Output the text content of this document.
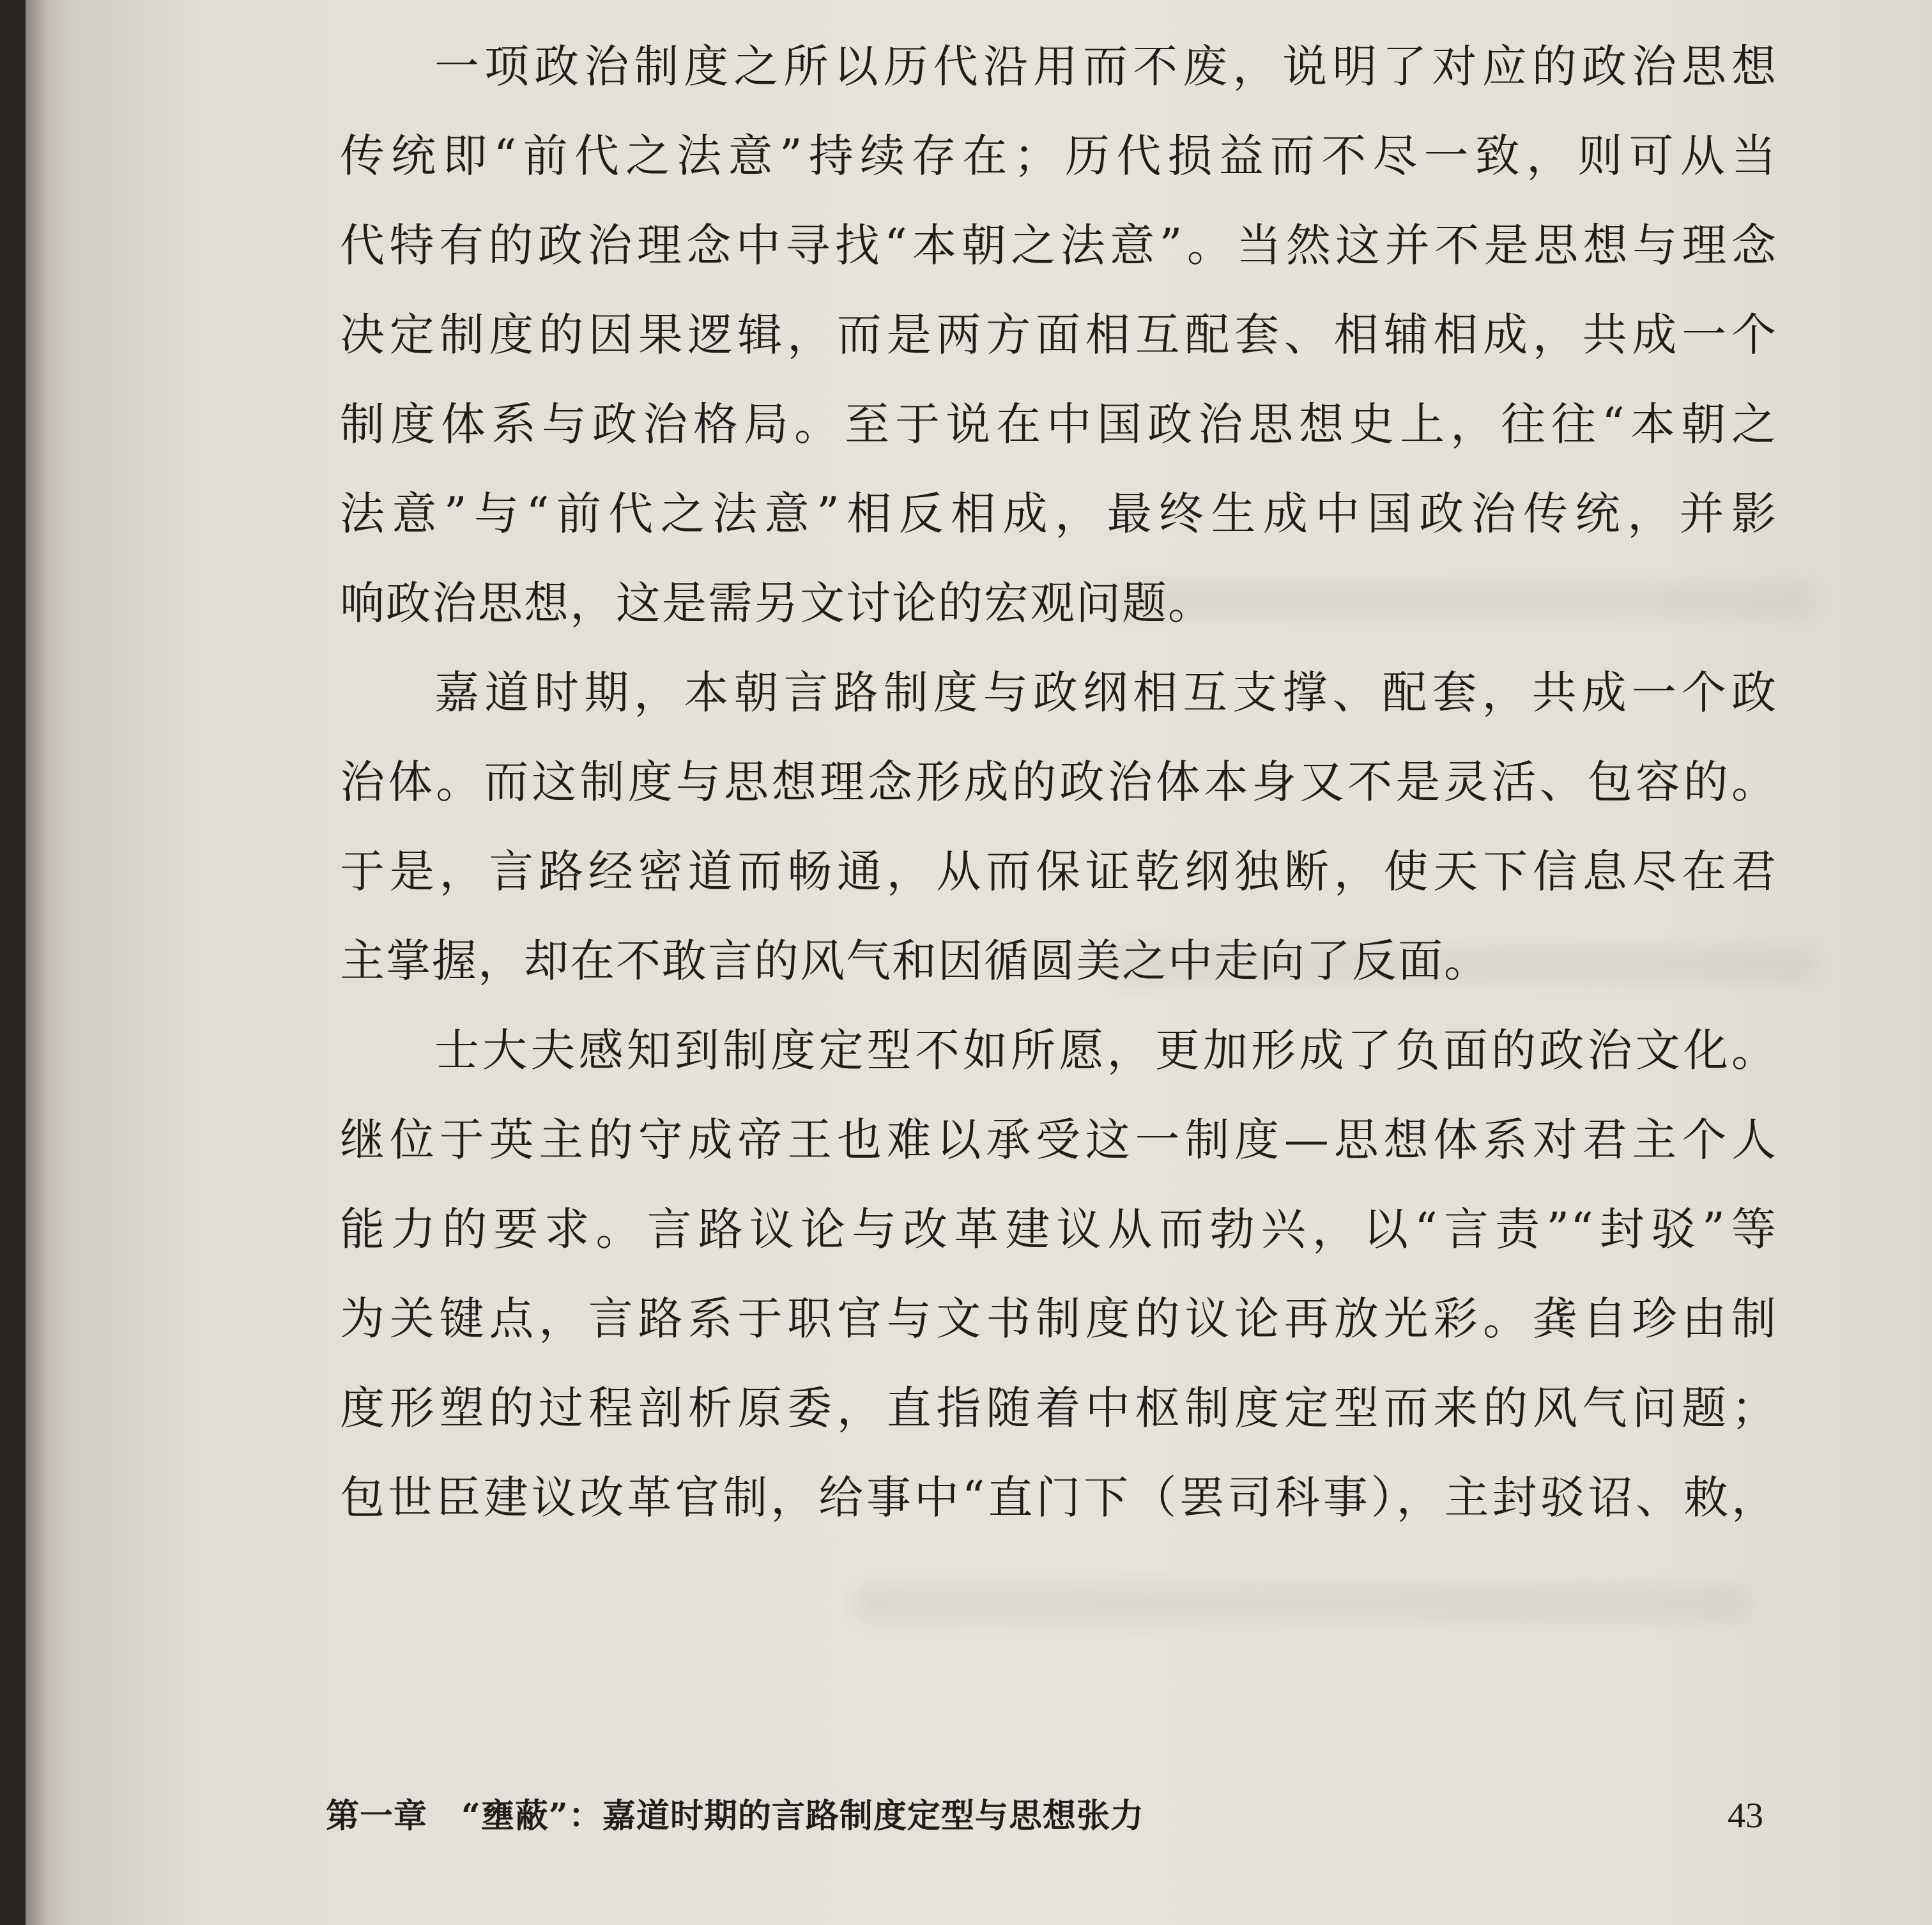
一项政治制度之所以历代沿用而不废，说明了对应的政治思想
传统即“前代之法意”持续存在；历代损益而不尽一致，则可从当
代特有的政治理念中寻找“本朝之法意”。当然这并不是思想与理念
决定制度的因果逻辑，而是两方面相互配套、相辅相成，共成一个
制度体系与政治格局。至于说在中国政治思想史上，往往“本朝之
法意”与“前代之法意”相反相成，最终生成中国政治传统，并影
响政治思想，这是需另文讨论的宏观问题。
嘉道时期，本朝言路制度与政纲相互支撑、配套，共成一个政
治体。而这制度与思想理念形成的政治体本身又不是灵活、包容的。
于是，言路经密道而畅通，从而保证乾纲独断，使天下信息尽在君
主掌握，却在不敢言的风气和因循圆美之中走向了反面。
士大夫感知到制度定型不如所愿，更加形成了负面的政治文化。
继位于英主的守成帝王也难以承受这一制度—思想体系对君主个人
能力的要求。言路议论与改革建议从而勃兴，以“言责”“封驳”等
为关键点，言路系于职官与文书制度的议论再放光彩。龚自珍由制
度形塑的过程剖析原委，直指随着中枢制度定型而来的风气问题；
包世臣建议改革官制，给事中“直门下（罢司科事），主封驳诏、敕，
第一章　“壅蔽”：嘉道时期的言路制度定型与思想张力	43
